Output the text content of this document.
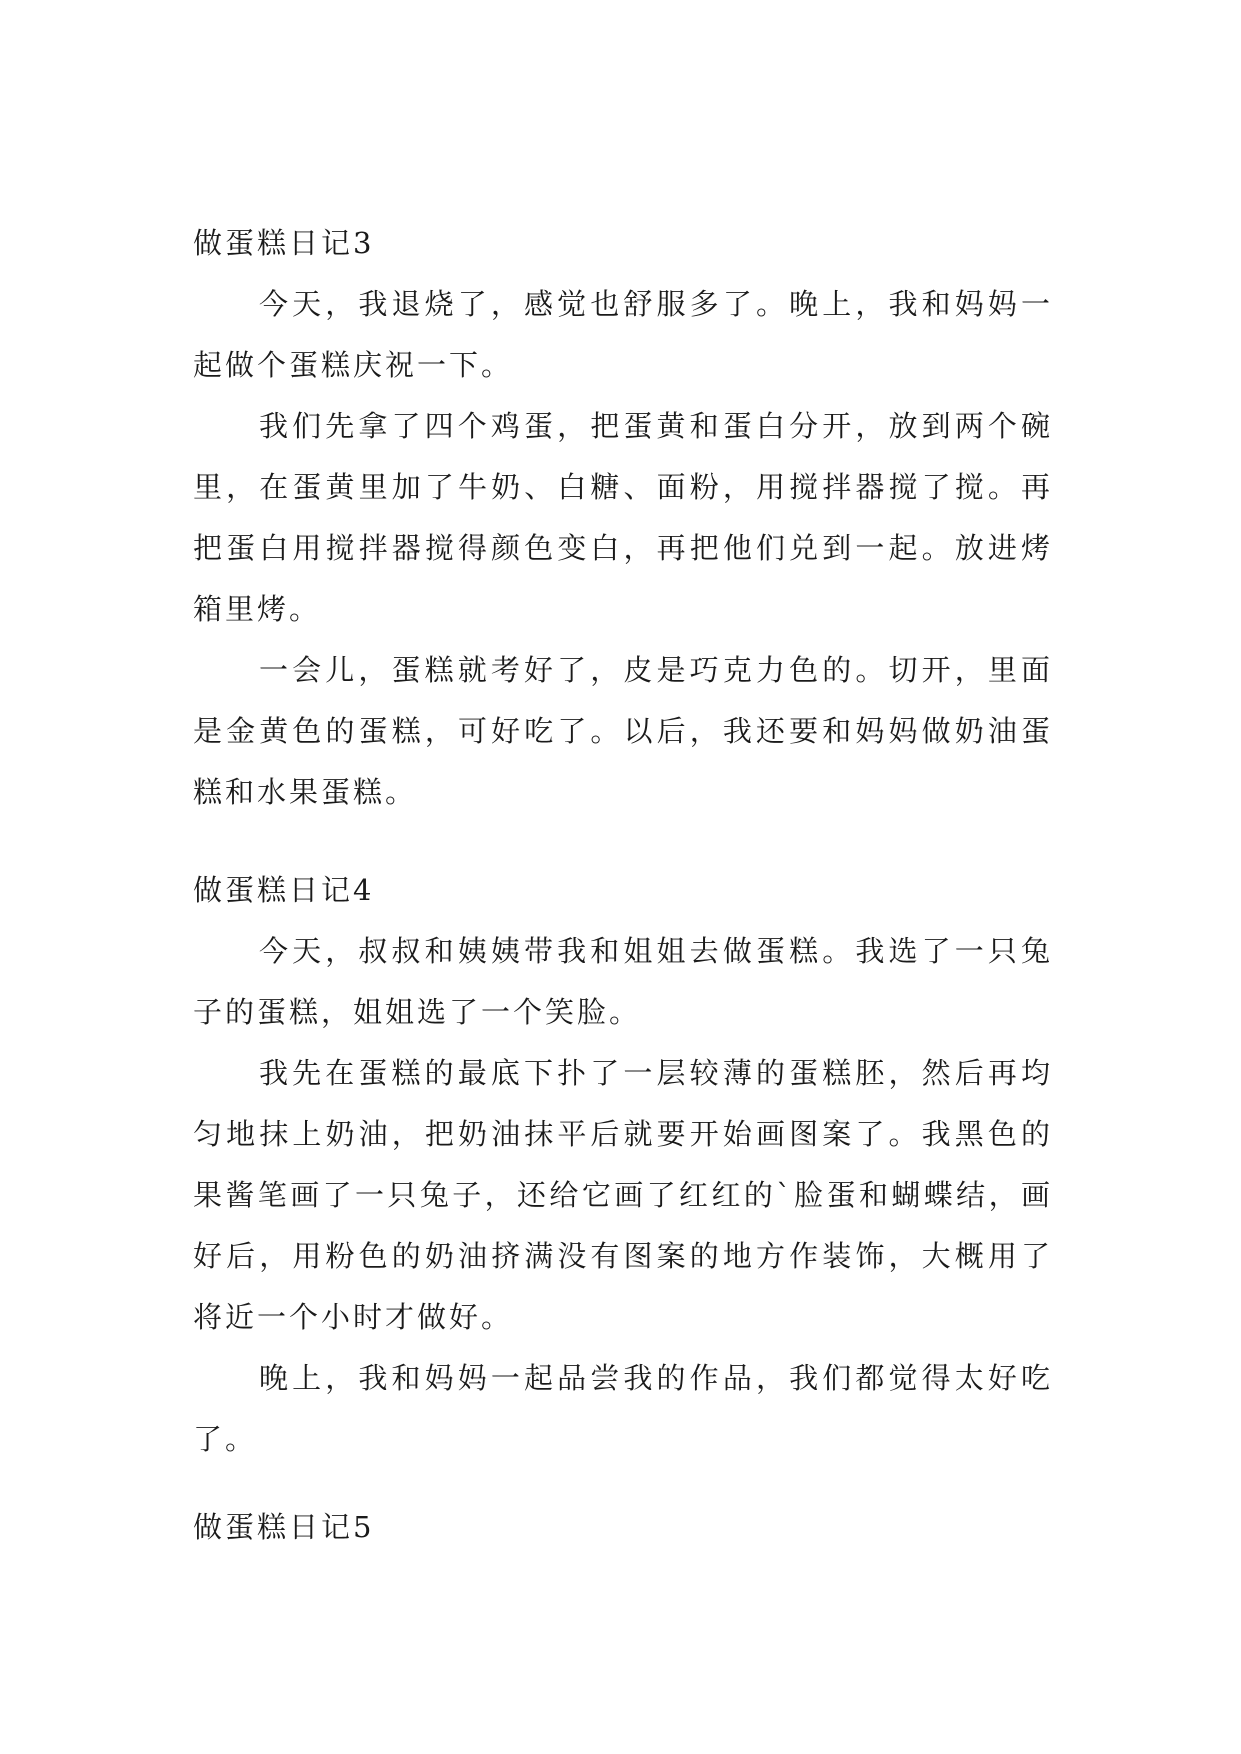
做蛋糕日记3

今天，我退烧了，感觉也舒服多了。晚上，我和妈妈一起做个蛋糕庆祝一下。

我们先拿了四个鸡蛋，把蛋黄和蛋白分开，放到两个碗里，在蛋黄里加了牛奶、白糖、面粉，用搅拌器搅了搅。再把蛋白用搅拌器搅得颜色变白，再把他们兑到一起。放进烤箱里烤。

一会儿，蛋糕就考好了，皮是巧克力色的。切开，里面是金黄色的蛋糕，可好吃了。以后，我还要和妈妈做奶油蛋糕和水果蛋糕。

做蛋糕日记4

今天，叔叔和姨姨带我和姐姐去做蛋糕。我选了一只兔子的蛋糕，姐姐选了一个笑脸。

我先在蛋糕的最底下扑了一层较薄的蛋糕胚，然后再均匀地抹上奶油，把奶油抹平后就要开始画图案了。我黑色的果酱笔画了一只兔子，还给它画了红红的`脸蛋和蝴蝶结，画好后，用粉色的奶油挤满没有图案的地方作装饰，大概用了将近一个小时才做好。

晚上，我和妈妈一起品尝我的作品，我们都觉得太好吃了。

做蛋糕日记5
